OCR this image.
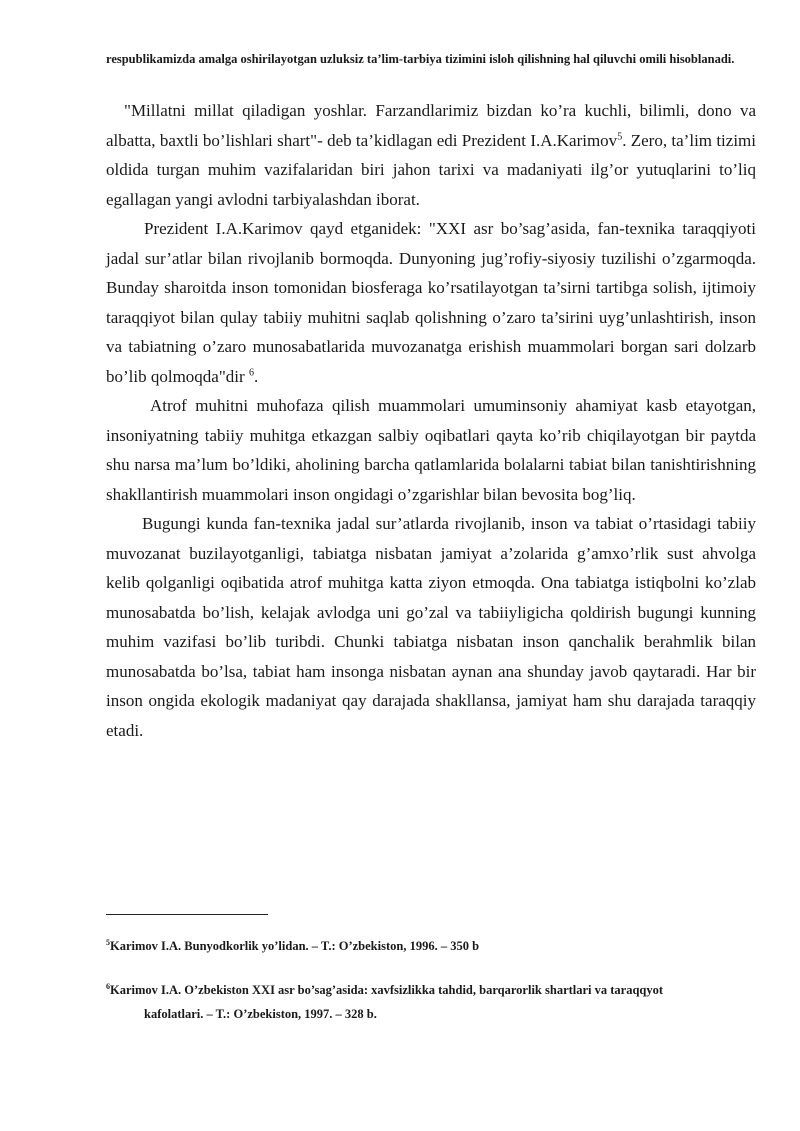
respublikamizda amalga oshirilayotgan uzluksiz ta’lim-tarbiya tizimini isloh qilishning hal qiluvchi omili hisoblanadi.

"Millatni millat qiladigan yoshlar. Farzandlarimiz bizdan ko’ra kuchli, bilimli, dono va albatta, baxtli bo’lishlari shart"- deb ta’kidlagan edi Prezident I.A.Karimov$^5$. Zero, ta’lim tizimi oldida turgan muhim vazifalaridan biri jahon tarixi va madaniyati ilg’or yutuqlarini to’liq egallagan yangi avlodni tarbiyalashdan iborat.

Prezident I.A.Karimov qayd etganidek: "XXI asr bo’sag’asida, fan-texnika taraqqiyoti jadal sur’atlar bilan rivojlanib bormoqda. Dunyoning jug’rofiy-siyosiy tuzilishi o’zgarmoqda. Bunday sharoitda inson tomonidan biosferaga ko’rsatilayotgan ta’sirni tartibga solish, ijtimoiy taraqqiyot bilan qulay tabiiy muhitni saqlab qolishning o’zaro ta’sirini uyg’unlashtirish, inson va tabiatning o’zaro munosabatlarida muvozanatga erishish muammolari borgan sari dolzarb bo’lib qolmoqda"dir $^6$.

Atrof muhitni muhofaza qilish muammolari umuminsoniy ahamiyat kasb etayotgan, insoniyatning tabiiy muhitga etkazgan salbiy oqibatlari qayta ko’rib chiqilayotgan bir paytda shu narsa ma’lum bo’ldiki, aholining barcha qatlamlarida bolalarni tabiat bilan tanishtirishning shakllantirish muammolari inson ongidagi o’zgarishlar bilan bevosita bog’liq.

Bugungi kunda fan-texnika jadal sur’atlarda rivojlanib, inson va tabiat o’rtasidagi tabiiy muvozanat buzilayotganligi, tabiatga nisbatan jamiyat a’zolarida g’amxo’rlik sust ahvolga kelib qolganligi oqibatida atrof muhitga katta ziyon etmoqda. Ona tabiatga istiqbolni ko’zlab munosabatda bo’lish, kelajak avlodga uni go’zal va tabiiyligicha qoldirish bugungi kunning muhim vazifasi bo’lib turibdi. Chunki tabiatga nisbatan inson qanchalik berahmlik bilan munosabatda bo’lsa, tabiat ham insonga nisbatan aynan ana shunday javob qaytaradi. Har bir inson ongida ekologik madaniyat qay darajada shakllansa, jamiyat ham shu darajada taraqqiy etadi.

$^5$Karimov I.A. Bunyodkorlik yo’lidan. – T.: O’zbekiston, 1996. – 350 b
$^6$Karimov I.A. O’zbekiston XXI asr bo’sag’asida: xavfsizlikka tahdid, barqarorlik shartlari va taraqqyot
kafolatlari. – T.: O’zbekiston, 1997. – 328 b.
